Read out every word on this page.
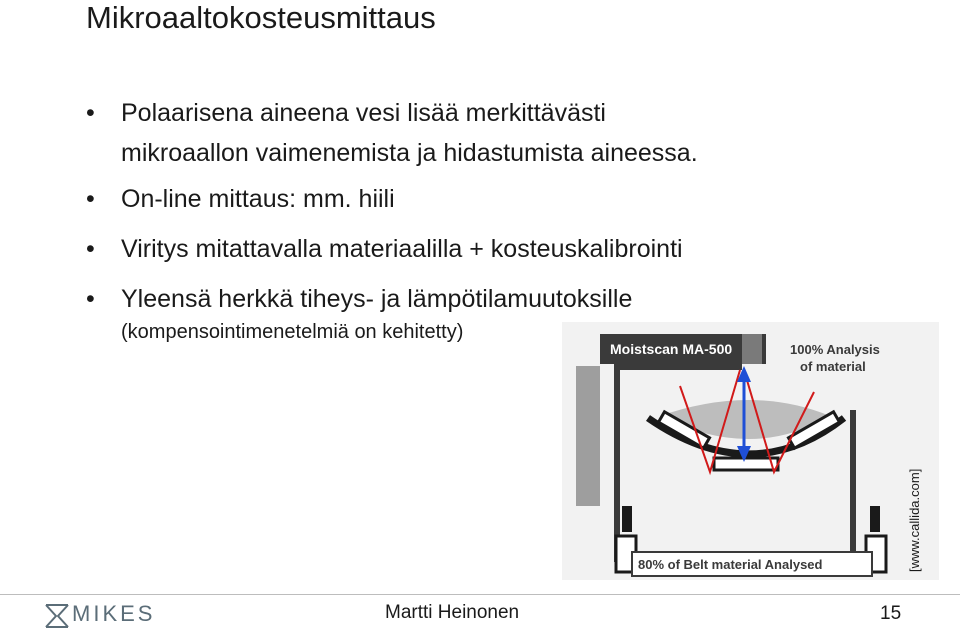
Mikroaaltokosteusmittaus
•	Polaarisena aineena vesi lisää merkittävästi
mikroaallon vaimenemista ja hidastumista aineessa.
•	On-line mittaus: mm. hiili
•	Viritys mitattavalla materiaalilla + kosteuskalibrointi
•	Yleensä herkkä tiheys- ja lämpötilamuutoksille
(kompensointimenetelmiä on kehitetty)
Moistscan MA-500	100% Analysis
of material
80% of Belt material Analysed
MIKES	Martti Heinonen	15
